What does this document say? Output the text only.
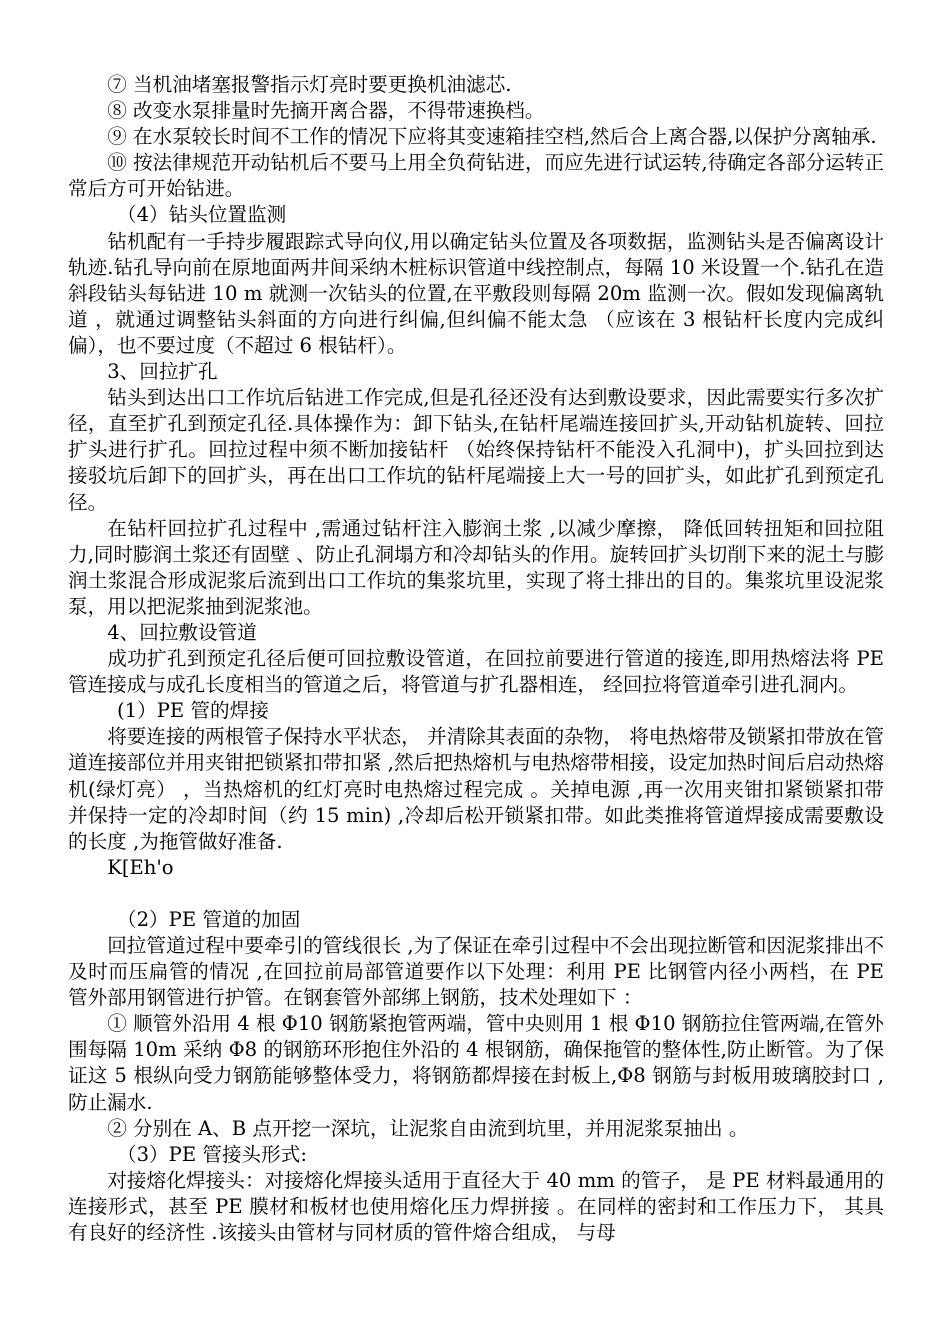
⑦ 当机油堵塞报警指示灯亮时要更换机油滤芯.

⑧ 改变水泵排量时先摘开离合器，不得带速换档。

⑨ 在水泵较长时间不工作的情况下应将其变速箱挂空档,然后合上离合器,以保护分离轴承.

⑩ 按法律规范开动钻机后不要马上用全负荷钻进，而应先进行试运转,待确定各部分运转正常后方可开始钻进。

（4）钻头位置监测

钻机配有一手持步履跟踪式导向仪,用以确定钻头位置及各项数据，监测钻头是否偏离设计轨迹.钻孔导向前在原地面两井间采纳木桩标识管道中线控制点，每隔 10 米设置一个.钻孔在造斜段钻头每钻进 10 m 就测一次钻头的位置,在平敷段则每隔 20m 监测一次。假如发现偏离轨道 ，就通过调整钻头斜面的方向进行纠偏,但纠偏不能太急 （应该在 3 根钻杆长度内完成纠偏），也不要过度（不超过 6 根钻杆）。

3、回拉扩孔

钻头到达出口工作坑后钻进工作完成,但是孔径还没有达到敷设要求，因此需要实行多次扩径，直至扩孔到预定孔径.具体操作为：卸下钻头,在钻杆尾端连接回扩头,开动钻机旋转、回拉扩头进行扩孔。回拉过程中须不断加接钻杆 （始终保持钻杆不能没入孔洞中)，扩头回拉到达接驳坑后卸下的回扩头，再在出口工作坑的钻杆尾端接上大一号的回扩头，如此扩孔到预定孔径。

在钻杆回拉扩孔过程中 ,需通过钻杆注入膨润土浆 ,以减少摩擦， 降低回转扭矩和回拉阻力,同时膨润土浆还有固壁 、防止孔洞塌方和冷却钻头的作用。旋转回扩头切削下来的泥土与膨润土浆混合形成泥浆后流到出口工作坑的集浆坑里，实现了将土排出的目的。集浆坑里设泥浆泵，用以把泥浆抽到泥浆池。

4、回拉敷设管道

成功扩孔到预定孔径后便可回拉敷设管道，在回拉前要进行管道的接连,即用热熔法将 PE 管连接成与成孔长度相当的管道之后，将管道与扩孔器相连， 经回拉将管道牵引进孔洞内。

(1）PE 管的焊接

将要连接的两根管子保持水平状态， 并清除其表面的杂物， 将电热熔带及锁紧扣带放在管道连接部位并用夹钳把锁紧扣带扣紧 ,然后把热熔机与电热熔带相接，设定加热时间后启动热熔机(绿灯亮） ，当热熔机的红灯亮时电热熔过程完成 。关掉电源 ,再一次用夹钳扣紧锁紧扣带并保持一定的冷却时间（约 15 min) ,冷却后松开锁紧扣带。如此类推将管道焊接成需要敷设的长度 ,为拖管做好准备.

K[Eh'o

（2）PE 管道的加固

回拉管道过程中要牵引的管线很长 ,为了保证在牵引过程中不会出现拉断管和因泥浆排出不及时而压扁管的情况 ,在回拉前局部管道要作以下处理：利用 PE 比钢管内径小两档，在 PE 管外部用钢管进行护管。在钢套管外部绑上钢筋，技术处理如下 ：

① 顺管外沿用 4 根 Φ10 钢筋紧抱管两端，管中央则用 1 根 Φ10 钢筋拉住管两端,在管外围每隔 10m 采纳 Φ8 的钢筋环形抱住外沿的 4 根钢筋，确保拖管的整体性,防止断管。为了保证这 5 根纵向受力钢筋能够整体受力，将钢筋都焊接在封板上,Φ8 钢筋与封板用玻璃胶封口 ,防止漏水.

② 分别在 A、B 点开挖一深坑，让泥浆自由流到坑里，并用泥浆泵抽出 。

（3）PE 管接头形式:

对接熔化焊接头：对接熔化焊接头适用于直径大于 40 mm 的管子， 是 PE 材料最通用的连接形式，甚至 PE 膜材和板材也使用熔化压力焊拼接 。在同样的密封和工作压力下， 其具有良好的经济性 .该接头由管材与同材质的管件熔合组成， 与母
